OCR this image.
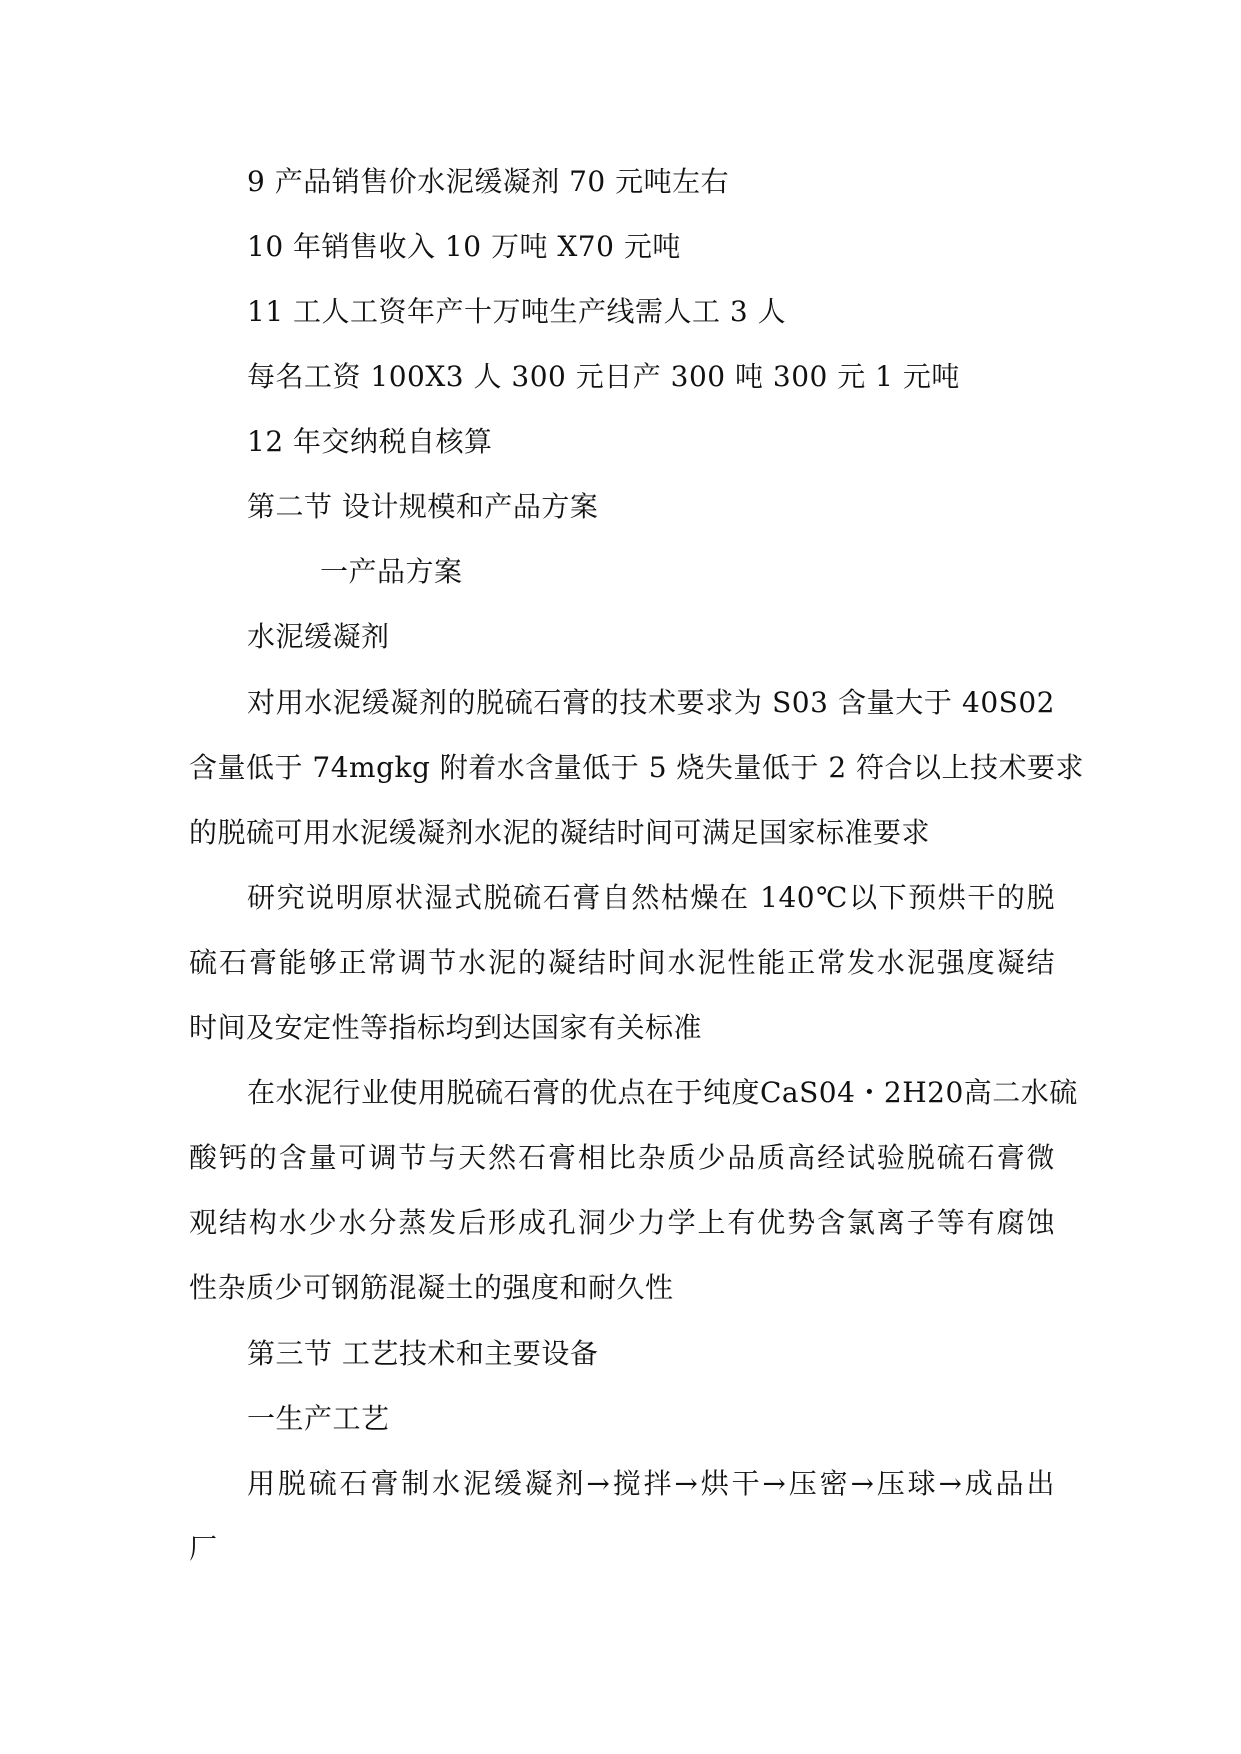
9 产品销售价水泥缓凝剂 70 元吨左右

10 年销售收入 10 万吨 X70 元吨

11 工人工资年产十万吨生产线需人工 3 人

每名工资 100X3 人 300 元日产 300 吨 300 元 1 元吨

12 年交纳税自核算

第二节 设计规模和产品方案

一产品方案

水泥缓凝剂

对用水泥缓凝剂的脱硫石膏的技术要求为 S03 含量大于 40S02

含量低于 74mgkg 附着水含量低于 5 烧失量低于 2 符合以上技术要求

的脱硫可用水泥缓凝剂水泥的凝结时间可满足国家标准要求

研究说明原状湿式脱硫石膏自然枯燥在 140℃以下预烘干的脱

硫石膏能够正常调节水泥的凝结时间水泥性能正常发水泥强度凝结

时间及安定性等指标均到达国家有关标准

在水泥行业使用脱硫石膏的优点在于纯度CaS04・2H20高二水硫

酸钙的含量可调节与天然石膏相比杂质少品质高经试验脱硫石膏微

观结构水少水分蒸发后形成孔洞少力学上有优势含氯离子等有腐蚀

性杂质少可钢筋混凝土的强度和耐久性

第三节 工艺技术和主要设备

一生产工艺

用脱硫石膏制水泥缓凝剂→搅拌→烘干→压密→压球→成品出

厂
